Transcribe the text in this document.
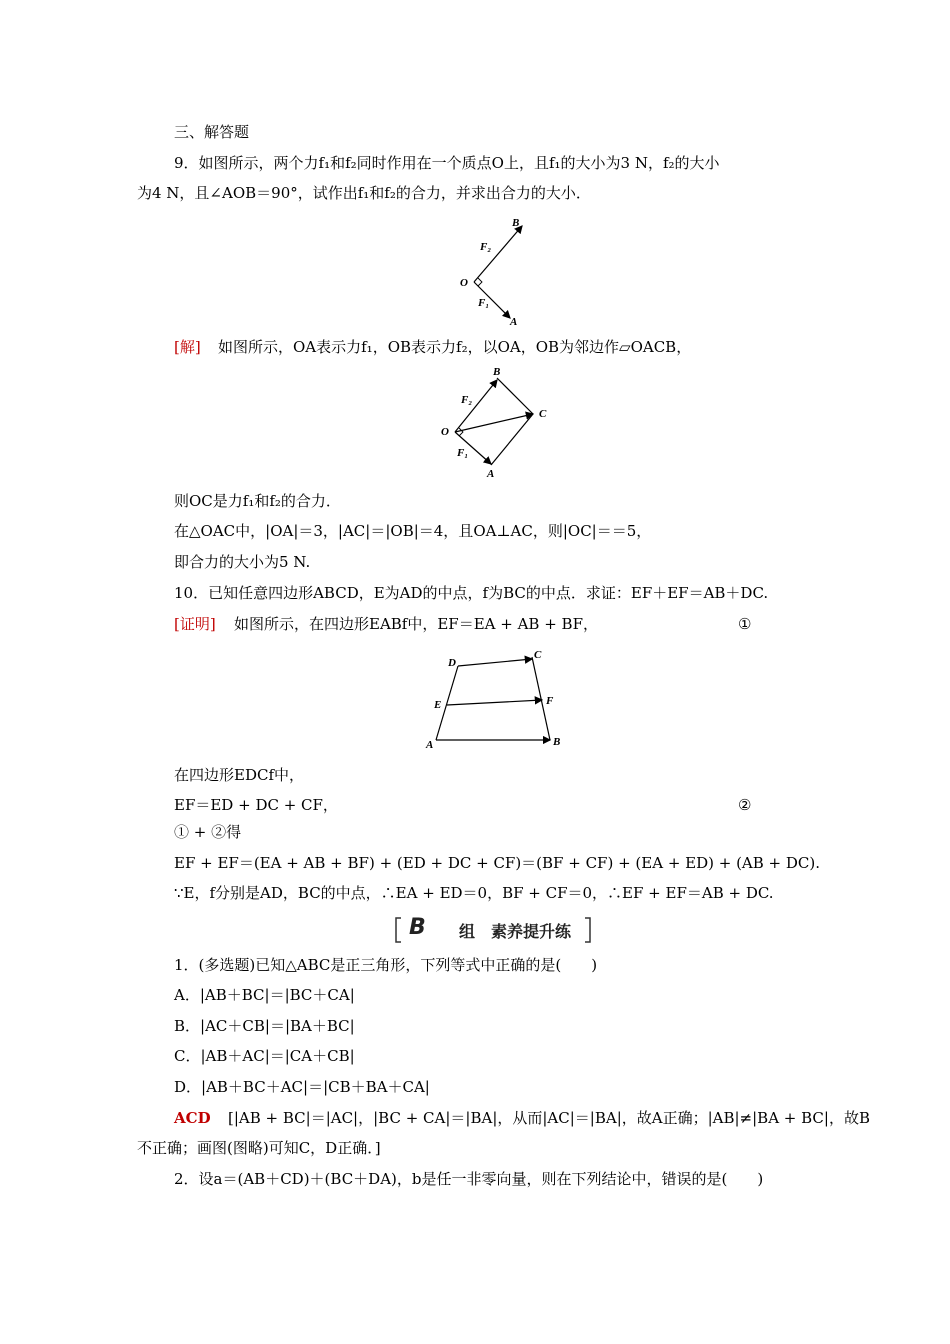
三、解答题
9．如图所示，两个力f₁和f₂同时作用在一个质点O上，且f₁的大小为3 N，f₂的大小
为4 N，且∠AOB＝90°，试作出f₁和f₂的合力，并求出合力的大小．
B
F₂
O
F₁
A
[解] 如图所示，OA表示力f₁，OB表示力f₂，以OA，OB为邻边作▱OACB，
B
F₂
C
O
F₁
A
则OC是力f₁和f₂的合力．
在△OAC中，|OA|＝3，|AC|＝|OB|＝4，且OA⊥AC，则|OC|＝＝5，
即合力的大小为5 N.
10．已知任意四边形ABCD，E为AD的中点，f为BC的中点．求证：EF＋EF＝AB＋DC.
[证明] 如图所示，在四边形EABf中，EF＝EA + AB + BF，	①
D
C
E	F
A	B
在四边形EDCf中，
EF＝ED + DC + CF，	②
① + ②得
EF + EF＝(EA + AB + BF) + (ED + DC + CF)＝(BF + CF) + (EA + ED) + (AB + DC).
∵E，f分别是AD，BC的中点，∴EA + ED＝0，BF + CF＝0，∴EF + EF＝AB + DC.
B 组　素养提升练
1．(多选题)已知△ABC是正三角形，下列等式中正确的是(　　)
A．|AB＋BC|＝|BC＋CA|
B．|AC＋CB|＝|BA＋BC|
C．|AB＋AC|＝|CA＋CB|
D．|AB＋BC＋AC|＝|CB＋BA＋CA|
ACD [|AB + BC|＝|AC|，|BC + CA|＝|BA|，从而|AC|＝|BA|，故A正确；|AB|≠|BA + BC|，故B
不正确；画图(图略)可知C，D正确．]
2．设a＝(AB＋CD)＋(BC＋DA)，b是任一非零向量，则在下列结论中，错误的是(　　)
